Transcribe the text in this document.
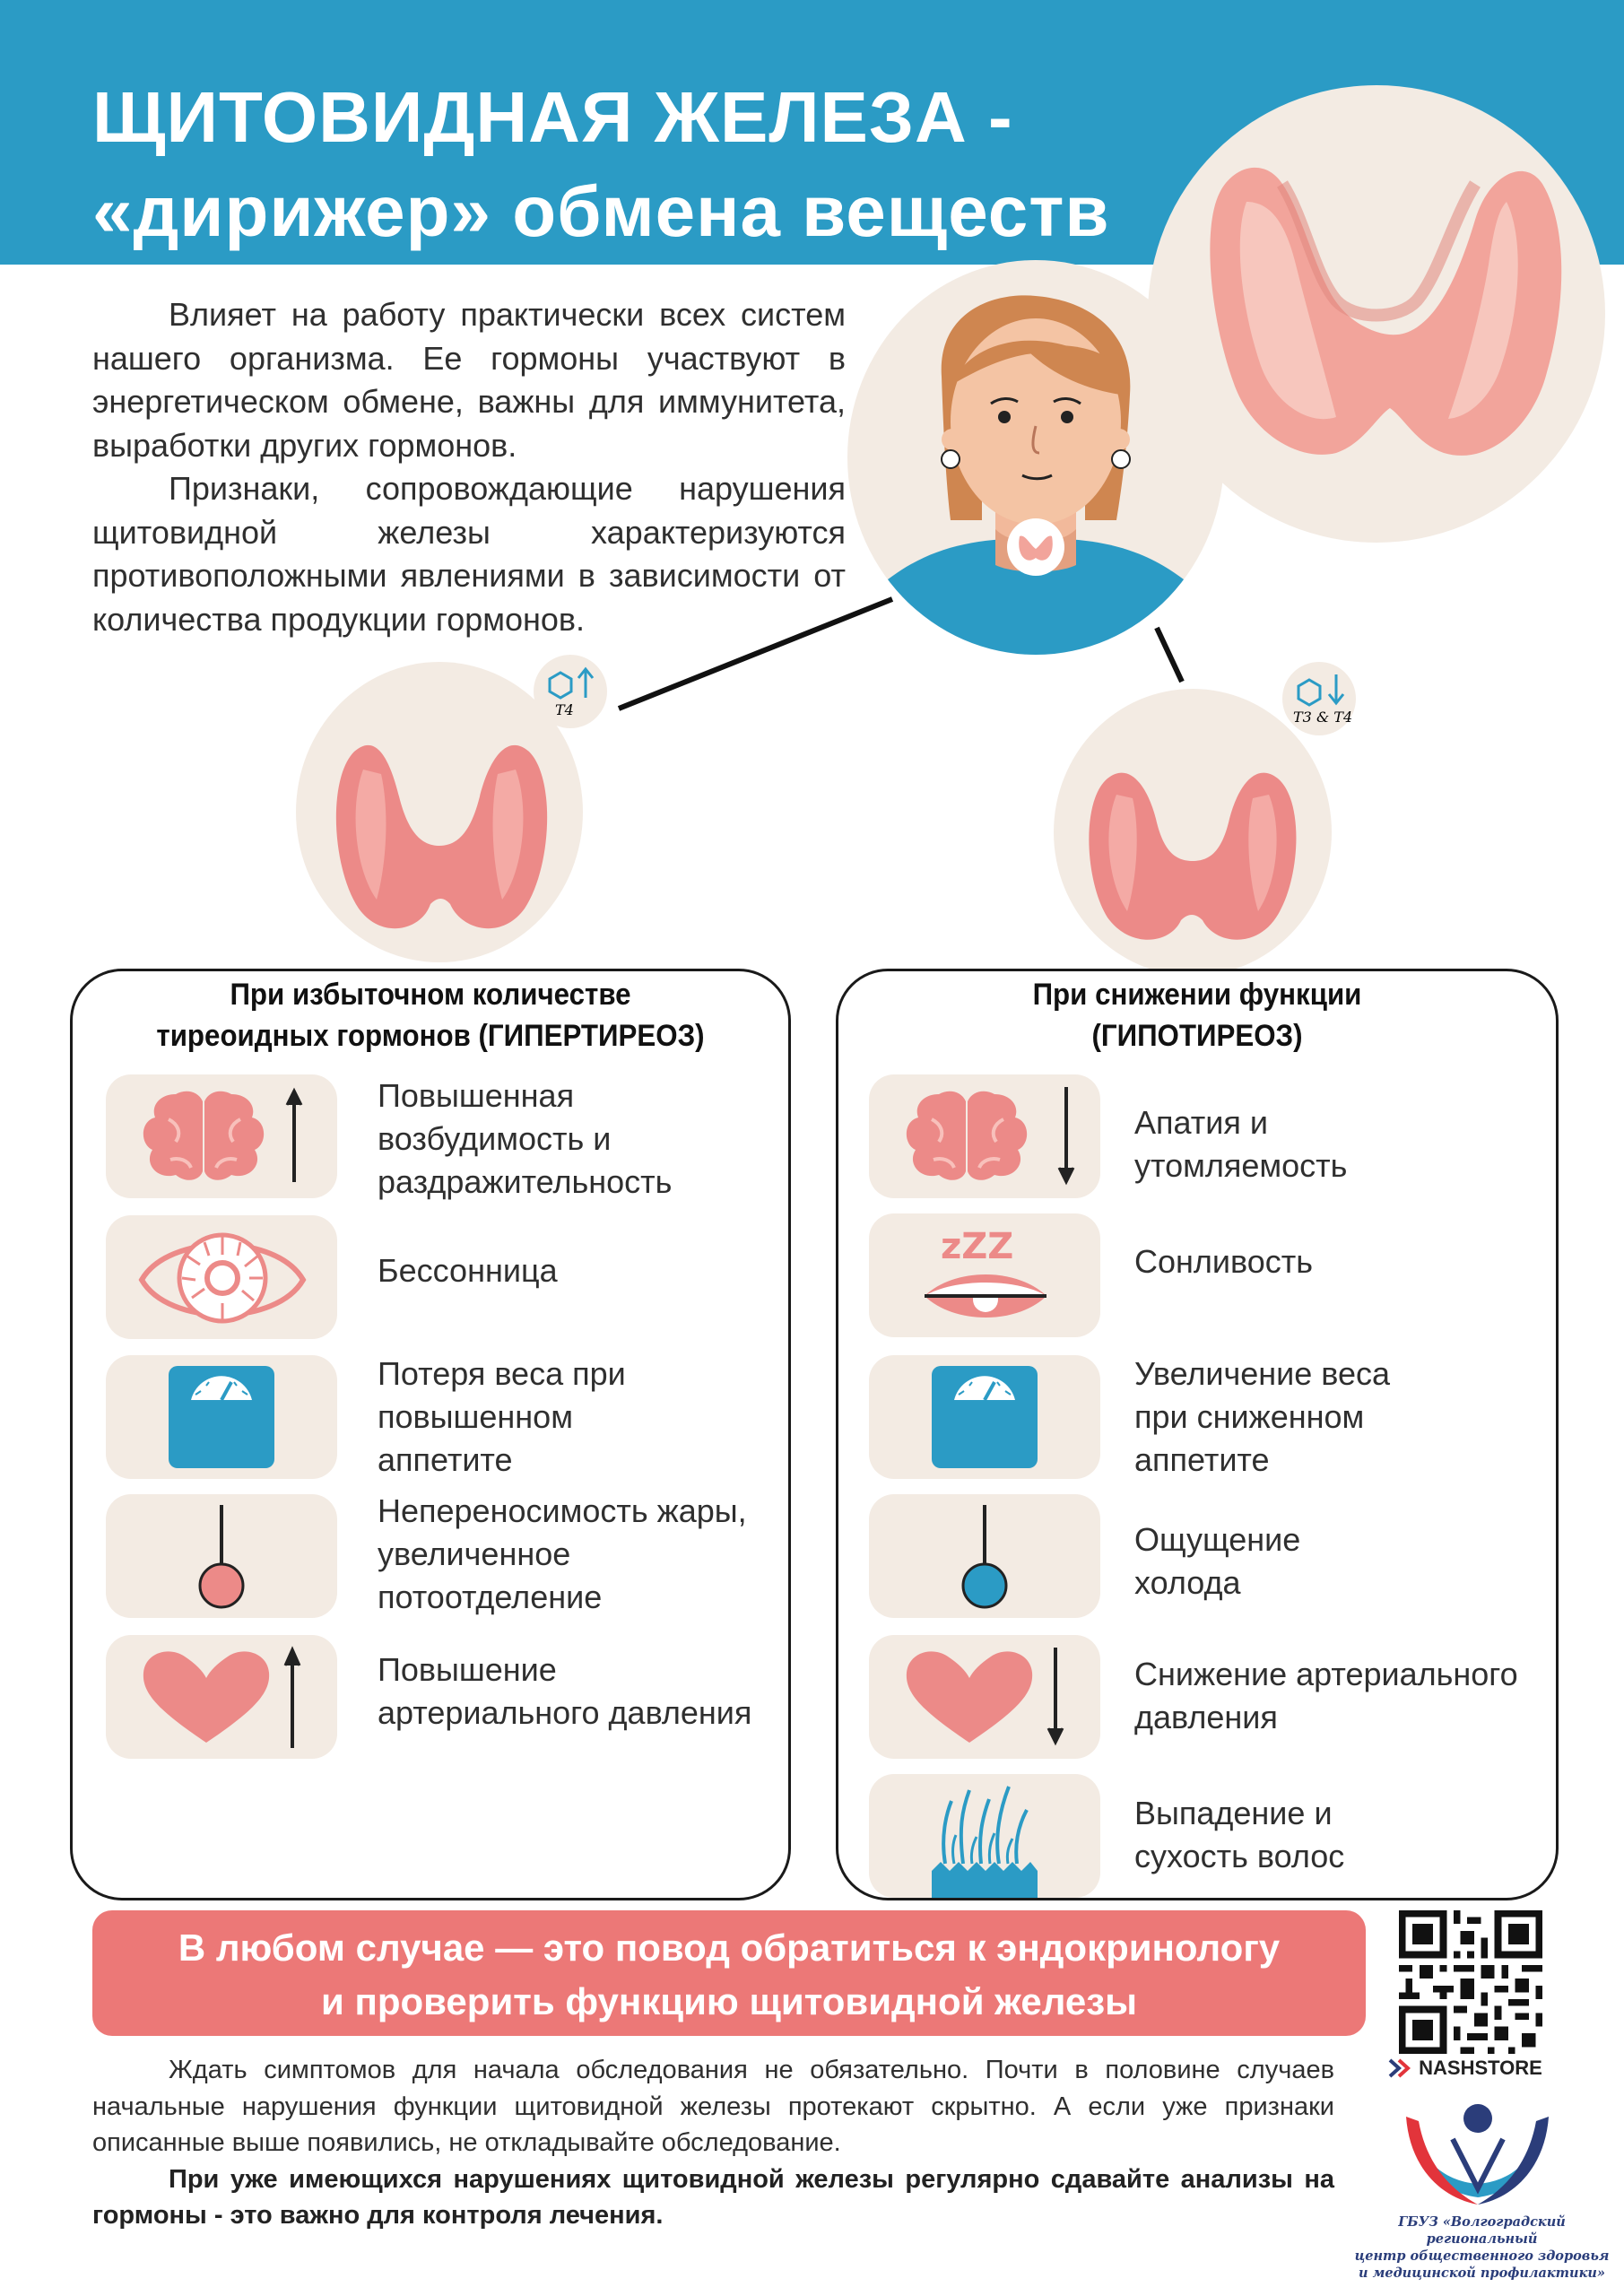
ЩИТОВИДНАЯ ЖЕЛЕЗА -
«дирижер» обмена веществ

Влияет на работу практически всех систем нашего организма. Ее гормоны участвуют в энергетическом обмене, важны для иммунитета, выработки других гормонов.

Признаки, сопровождающие нарушения щитовидной железы характеризуются противоположными явлениями в зависимости от количества продукции гормонов.

T4	T3 & T4
При избыточном количестве
тиреоидных гормонов (ГИПЕРТИРЕОЗ)
Повышенная
возбудимость и
раздражительность
Бессонница
Потеря веса при
повышенном
аппетите
Непереносимость жары,
увеличенное
потоотделение
Повышение
артериального давления
При снижении функции
(ГИПОТИРЕОЗ)
Апатия и
утомляемость
zZZ	Сонливость
Увеличение веса
при сниженном
аппетите
Ощущение
холода
Снижение артериального
давления
Выпадение и
сухость волос
В любом случае — это повод обратиться к эндокринологу
и проверить функцию щитовидной железы
NASHSTORE
ГБУЗ «Волгоградский региональный
центр общественного здоровья
и медицинской профилактики»

Ждать симптомов для начала обследования не обязательно. Почти в половине случаев начальные нарушения функции щитовидной железы протекают скрытно. А если уже признаки описанные выше появились, не откладывайте обследование.

При уже имеющихся нарушениях щитовидной железы регулярно сдавайте анализы на гормоны - это важно для контроля лечения.
